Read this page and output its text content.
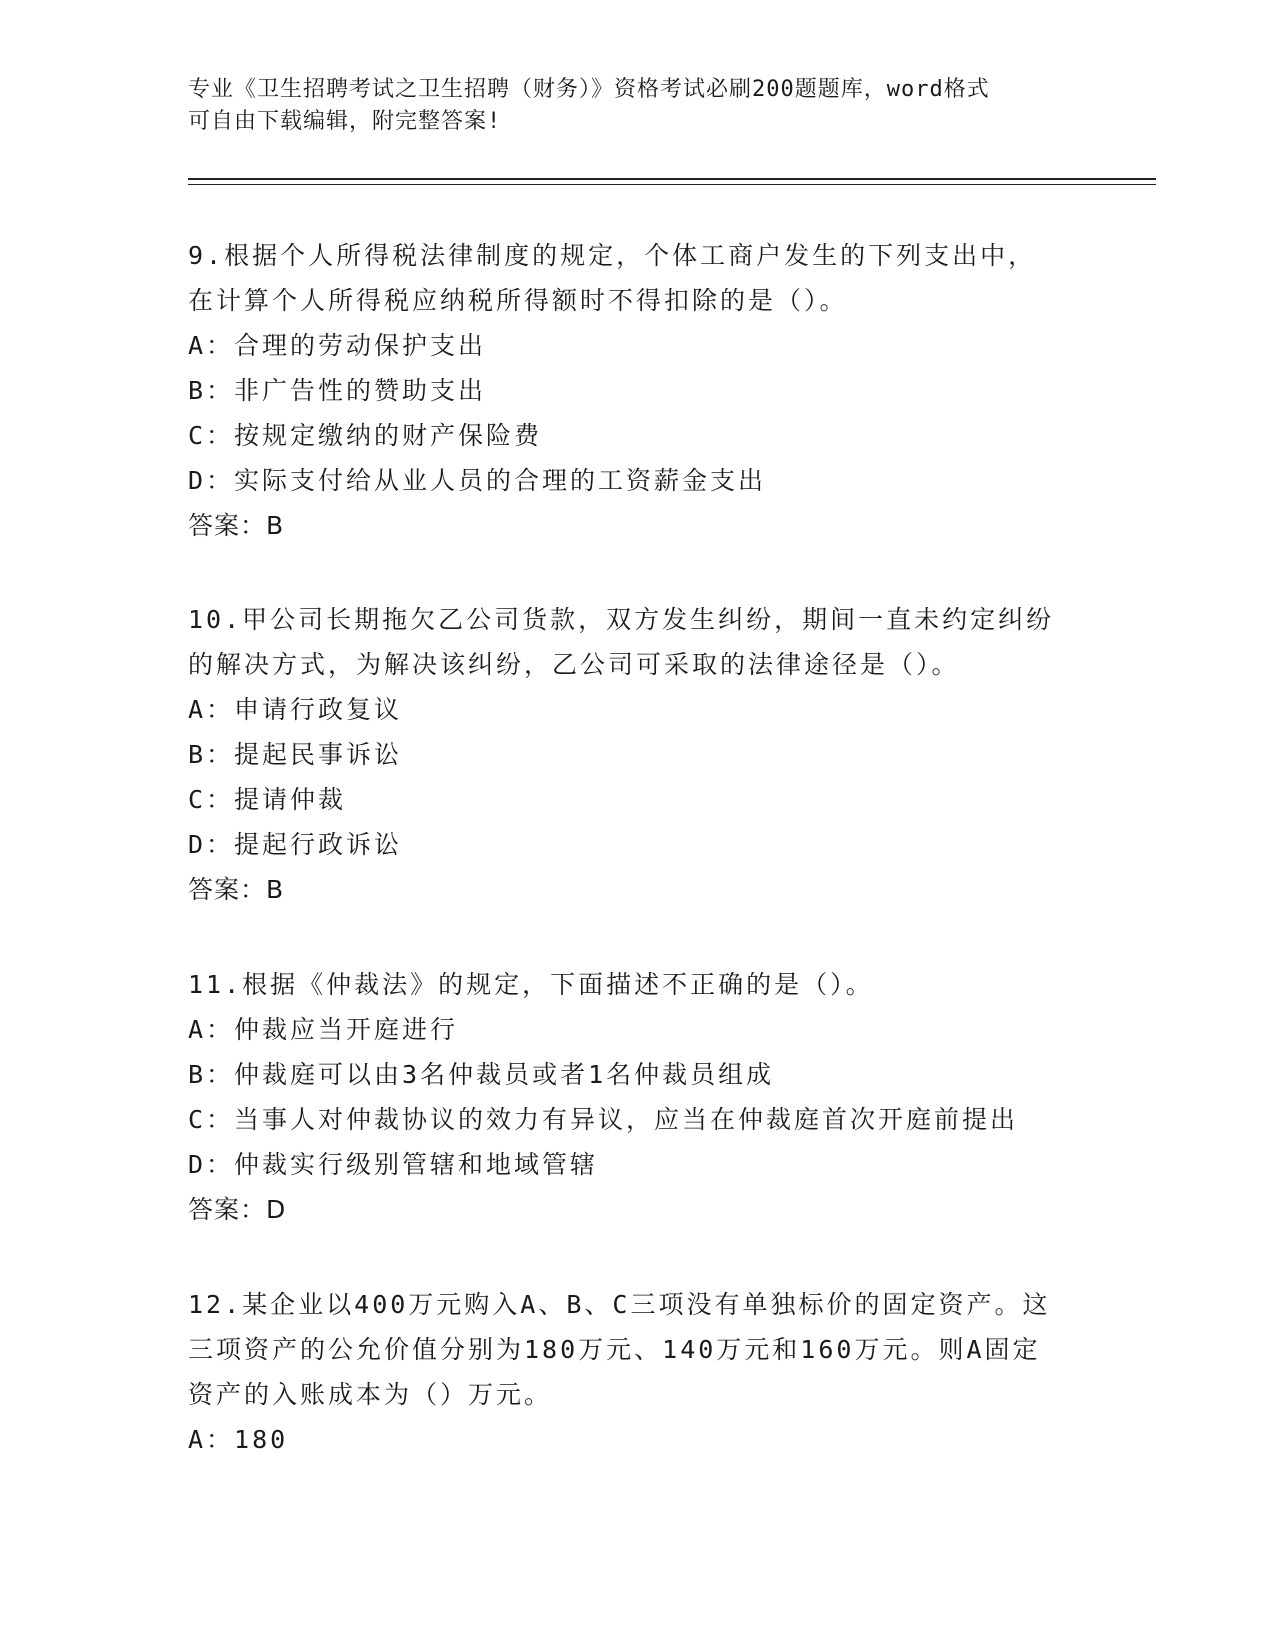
专业《卫生招聘考试之卫生招聘（财务）》资格考试必刷200题题库，word格式
可自由下载编辑，附完整答案!

9.根据个人所得税法律制度的规定，个体工商户发生的下列支出中，

在计算个人所得税应纳税所得额时不得扣除的是（）。

A：合理的劳动保护支出

B：非广告性的赞助支出

C：按规定缴纳的财产保险费

D：实际支付给从业人员的合理的工资薪金支出

答案：B

10.甲公司长期拖欠乙公司货款，双方发生纠纷，期间一直未约定纠纷

的解决方式，为解决该纠纷，乙公司可采取的法律途径是（）。

A：申请行政复议

B：提起民事诉讼

C：提请仲裁

D：提起行政诉讼

答案：B

11.根据《仲裁法》的规定，下面描述不正确的是（）。

A：仲裁应当开庭进行

B：仲裁庭可以由3名仲裁员或者1名仲裁员组成

C：当事人对仲裁协议的效力有异议，应当在仲裁庭首次开庭前提出

D：仲裁实行级别管辖和地域管辖

答案：D

12.某企业以400万元购入A、B、C三项没有单独标价的固定资产。这

三项资产的公允价值分别为180万元、140万元和160万元。则A固定

资产的入账成本为（）万元。

A：180
